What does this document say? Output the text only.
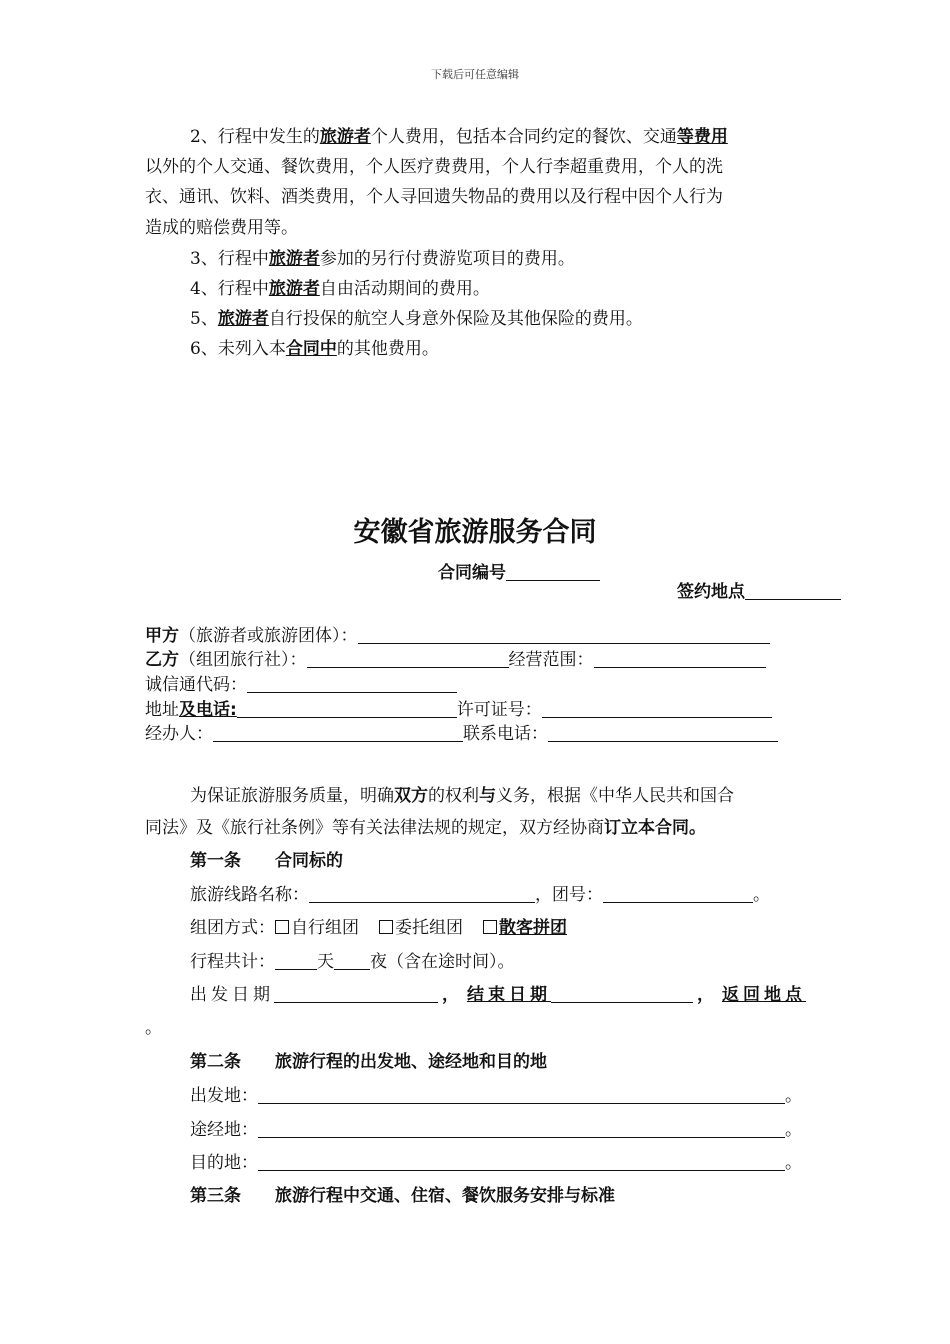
下载后可任意编辑
2、行程中发生的旅游者个人费用，包括本合同约定的餐饮、交通等费用
以外的个人交通、餐饮费用，个人医疗费费用，个人行李超重费用，个人的洗
衣、通讯、饮料、酒类费用，个人寻回遗失物品的费用以及行程中因个人行为
造成的赔偿费用等。
3、行程中旅游者参加的另行付费游览项目的费用。
4、行程中旅游者自由活动期间的费用。
5、旅游者自行投保的航空人身意外保险及其他保险的费用。
6、未列入本合同中的其他费用。
安徽省旅游服务合同
合同编号
签约地点
甲方（旅游者或旅游团体）：
乙方（组团旅行社）：	经营范围：
诚信通代码：
地址及电话:	许可证号：
经办人：	联系电话：
为保证旅游服务质量，明确双方的权利与义务，根据《中华人民共和国合
同法》及《旅行社条例》等有关法律法规的规定，双方经协商订立本合同。
第一条 合同标的
旅游线路名称：	，团号：	。
组团方式： 自行组团 委托组团 散客拼团
行程共计： 天 夜（含在途时间）。
出发日期	， 结束日期	， 返回地点
。
第二条 旅游行程的出发地、途经地和目的地
出发地：	。
途经地：	。
目的地：	。
第三条 旅游行程中交通、住宿、餐饮服务安排与标准
